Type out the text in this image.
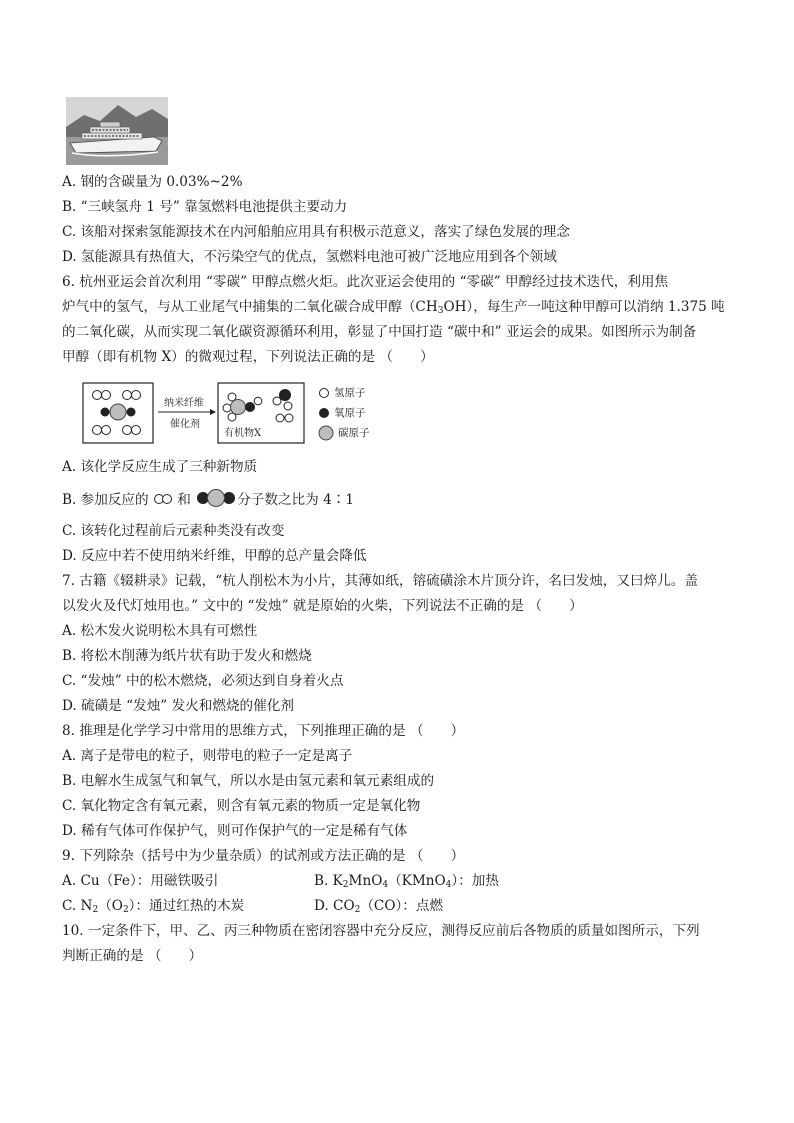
A. 钢的含碳量为 0.03%~2%
B. “三峡氢舟 1 号” 靠氢燃料电池提供主要动力
C. 该船对探索氢能源技术在内河船舶应用具有积极示范意义，落实了绿色发展的理念
D. 氢能源具有热值大，不污染空气的优点，氢燃料电池可被广泛地应用到各个领域
6. 杭州亚运会首次利用 “零碳” 甲醇点燃火炬。此次亚运会使用的 “零碳” 甲醇经过技术迭代，利用焦
炉气中的氢气，与从工业尾气中捕集的二氧化碳合成甲醇$(CH_3OH)$，每生产一吨这种甲醇可以消纳 1.375 吨
的二氧化碳，从而实现二氧化碳资源循环利用，彰显了中国打造 “碳中和” 亚运会的成果。如图所示为制备
甲醇（即有机物 X）的微观过程，下列说法正确的是 （　　）
纳米纤维
催化剂
有机物X
氢原子
氧原子
碳原子
A. 该化学反应生成了三种新物质
B. 参加反应的 和	分子数之比为 4∶1
C. 该转化过程前后元素种类没有改变
D. 反应中若不使用纳米纤维，甲醇的总产量会降低
7. 古籍《辍耕录》记载，“杭人削松木为小片，其薄如纸，镕硫磺涂木片顶分许，名曰发烛，又曰焠儿。盖
以发火及代灯烛用也。” 文中的 “发烛” 就是原始的火柴，下列说法不正确的是 （　　）
A. 松木发火说明松木具有可燃性
B. 将松木削薄为纸片状有助于发火和燃烧
C. “发烛” 中的松木燃烧，必须达到自身着火点
D. 硫磺是 “发烛” 发火和燃烧的催化剂
8. 推理是化学学习中常用的思维方式，下列推理正确的是 （　　）
A. 离子是带电的粒子，则带电的粒子一定是离子
B. 电解水生成氢气和氧气，所以水是由氢元素和氧元素组成的
C. 氧化物定含有氧元素，则含有氧元素的物质一定是氧化物
D. 稀有气体可作保护气，则可作保护气的一定是稀有气体
9. 下列除杂（括号中为少量杂质）的试剂或方法正确的是 （　　）
A. Cu（Fe）：用磁铁吸引	B. $K_2MnO_4(KMnO_4)$：加热
C. $N_2(O_2)$：通过红热的木炭	D. $CO_2(CO)$：点燃
10. 一定条件下，甲、乙、丙三种物质在密闭容器中充分反应，测得反应前后各物质的质量如图所示，下列
判断正确的是 （　　）
